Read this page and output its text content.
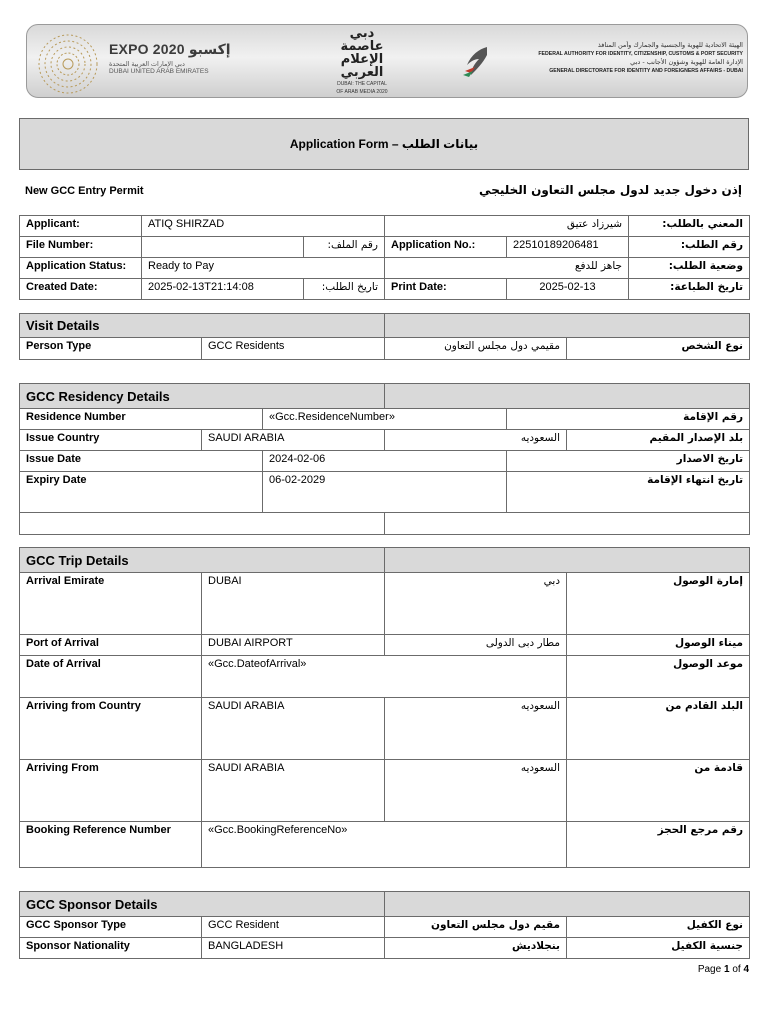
EXPO 2020 إكسبو
دبي الإمارات العربية المتحدة
DUBAI UNITED ARAB EMIRATES
دبي
عاصمة
الإعلام
العربي
DUBAI: THE CAPITAL
OF ARAB MEDIA 2020
الهيئة الاتحادية للهوية والجنسية والجمارك وأمن المنافذ
FEDERAL AUTHORITY FOR IDENTITY, CITIZENSHIP, CUSTOMS & PORT SECURITY
الإدارة العامة للهوية وشؤون الأجانب - دبي
GENERAL DIRECTORATE FOR IDENTITY AND FOREIGNERS AFFAIRS - DUBAI
Application Form – بيانات الطلب
New GCC Entry Permit	إذن دخول جديد لدول مجلس التعاون الخليجي
Applicant:	ATIQ SHIRZAD		شيرزاد عتيق		المعني بالطلب:
File Number:		رقم الملف:	Application No.:	22510189206481	رقم الطلب:
Application Status:	Ready to Pay		جاهز للدفع		وضعية الطلب:
Created Date:	2025-02-13T21:14:08	تاريخ الطلب:	Print Date:	2025-02-13	تاريخ الطباعة:
Visit Details			
Person Type	GCC Residents	مقيمي دول مجلس التعاون	نوع الشخص
GCC Residency Details					
Residence Number		«Gcc.ResidenceNumber»		رقم الإقامة	
Issue Country	SAUDI ARABIA		السعوديه		بلد الإصدار المقيم
Issue Date		2024-02-06		تاريخ الاصدار	
Expiry Date		06-02-2029		تاريخ انتهاء الإقامة	

GCC Trip Details			
Arrival Emirate	DUBAI	دبي	إمارة الوصول
Port of Arrival	DUBAI AIRPORT	مطار دبى الدولى	ميناء الوصول
Date of Arrival	«Gcc.DateofArrival»		موعد الوصول
Arriving from Country	SAUDI ARABIA	السعوديه	البلد القادم من
Arriving From	SAUDI ARABIA	السعوديه	قادمة من
Booking Reference Number	«Gcc.BookingReferenceNo»		رقم مرجع الحجز
GCC Sponsor Details			
GCC Sponsor Type	GCC Resident	مقيم دول مجلس التعاون	نوع الكفيل
Sponsor Nationality	BANGLADESH	بنجلاديش	جنسية الكفيل
Page 1 of 4
